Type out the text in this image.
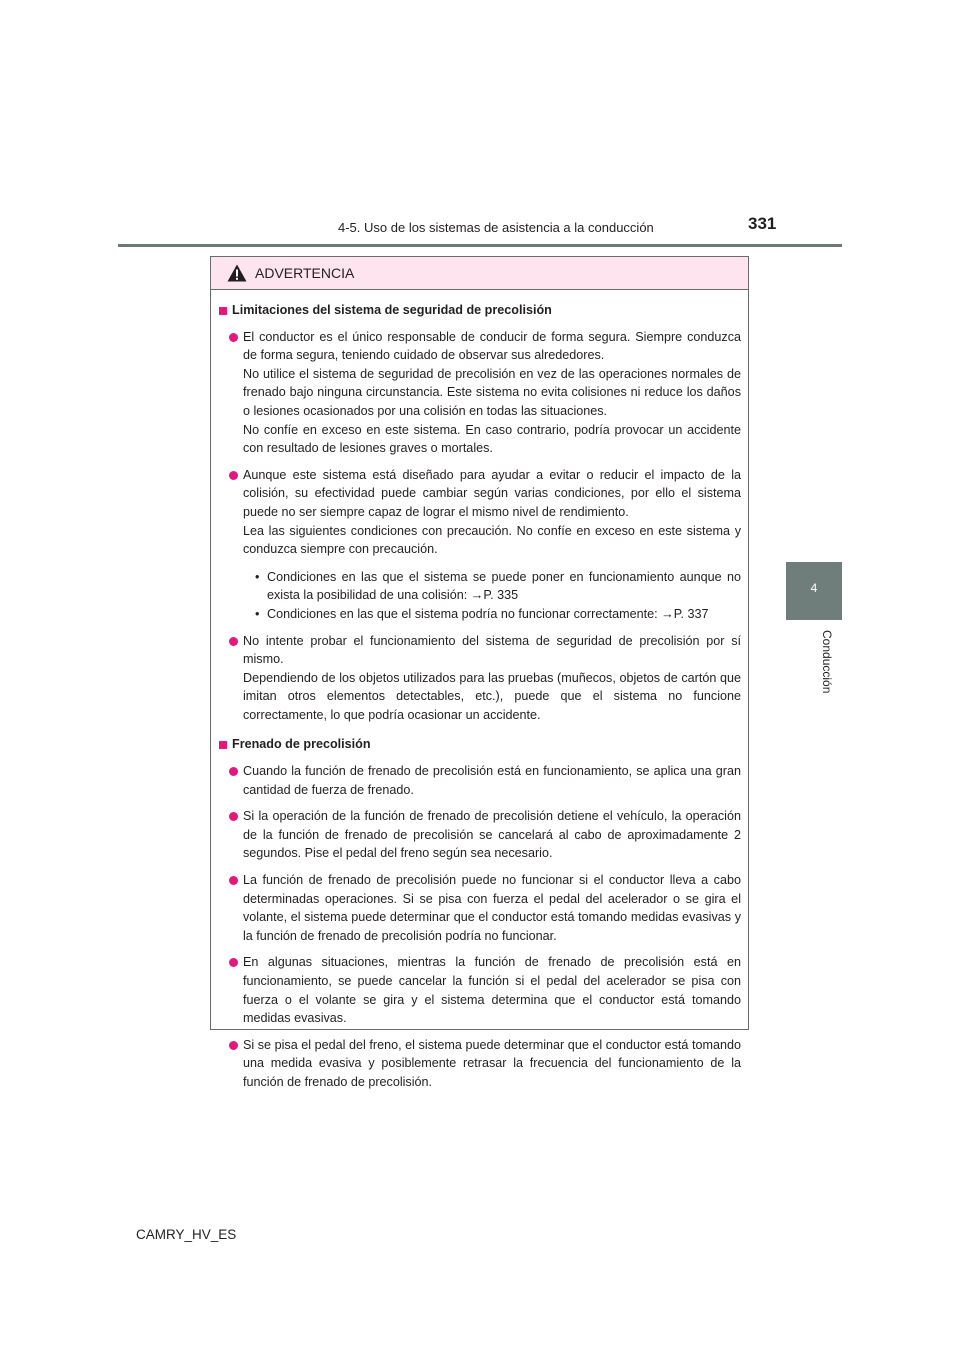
4-5. Uso de los sistemas de asistencia a la conducción	331
4
Conducción
ADVERTENCIA
Limitaciones del sistema de seguridad de precolisión

El conductor es el único responsable de conducir de forma segura. Siempre conduzca de forma segura, teniendo cuidado de observar sus alrededores.

No utilice el sistema de seguridad de precolisión en vez de las operaciones normales de frenado bajo ninguna circunstancia. Este sistema no evita colisiones ni reduce los daños o lesiones ocasionados por una colisión en todas las situaciones.

No confíe en exceso en este sistema. En caso contrario, podría provocar un accidente con resultado de lesiones graves o mortales.

Aunque este sistema está diseñado para ayudar a evitar o reducir el impacto de la colisión, su efectividad puede cambiar según varias condiciones, por ello el sistema puede no ser siempre capaz de lograr el mismo nivel de rendimiento.

Lea las siguientes condiciones con precaución. No confíe en exceso en este sistema y conduzca siempre con precaución.

• Condiciones en las que el sistema se puede poner en funcionamiento aunque no exista la posibilidad de una colisión: →P. 335
• Condiciones en las que el sistema podría no funcionar correctamente: →P. 337

No intente probar el funcionamiento del sistema de seguridad de precolisión por sí mismo.

Dependiendo de los objetos utilizados para las pruebas (muñecos, objetos de cartón que imitan otros elementos detectables, etc.), puede que el sistema no funcione correctamente, lo que podría ocasionar un accidente.

Frenado de precolisión

Cuando la función de frenado de precolisión está en funcionamiento, se aplica una gran cantidad de fuerza de frenado.

Si la operación de la función de frenado de precolisión detiene el vehículo, la operación de la función de frenado de precolisión se cancelará al cabo de aproximadamente 2 segundos. Pise el pedal del freno según sea necesario.

La función de frenado de precolisión puede no funcionar si el conductor lleva a cabo determinadas operaciones. Si se pisa con fuerza el pedal del acelerador o se gira el volante, el sistema puede determinar que el conductor está tomando medidas evasivas y la función de frenado de precolisión podría no funcionar.

En algunas situaciones, mientras la función de frenado de precolisión está en funcionamiento, se puede cancelar la función si el pedal del acelerador se pisa con fuerza o el volante se gira y el sistema determina que el conductor está tomando medidas evasivas.

Si se pisa el pedal del freno, el sistema puede determinar que el conductor está tomando una medida evasiva y posiblemente retrasar la frecuencia del funcionamiento de la función de frenado de precolisión.

CAMRY_HV_ES
